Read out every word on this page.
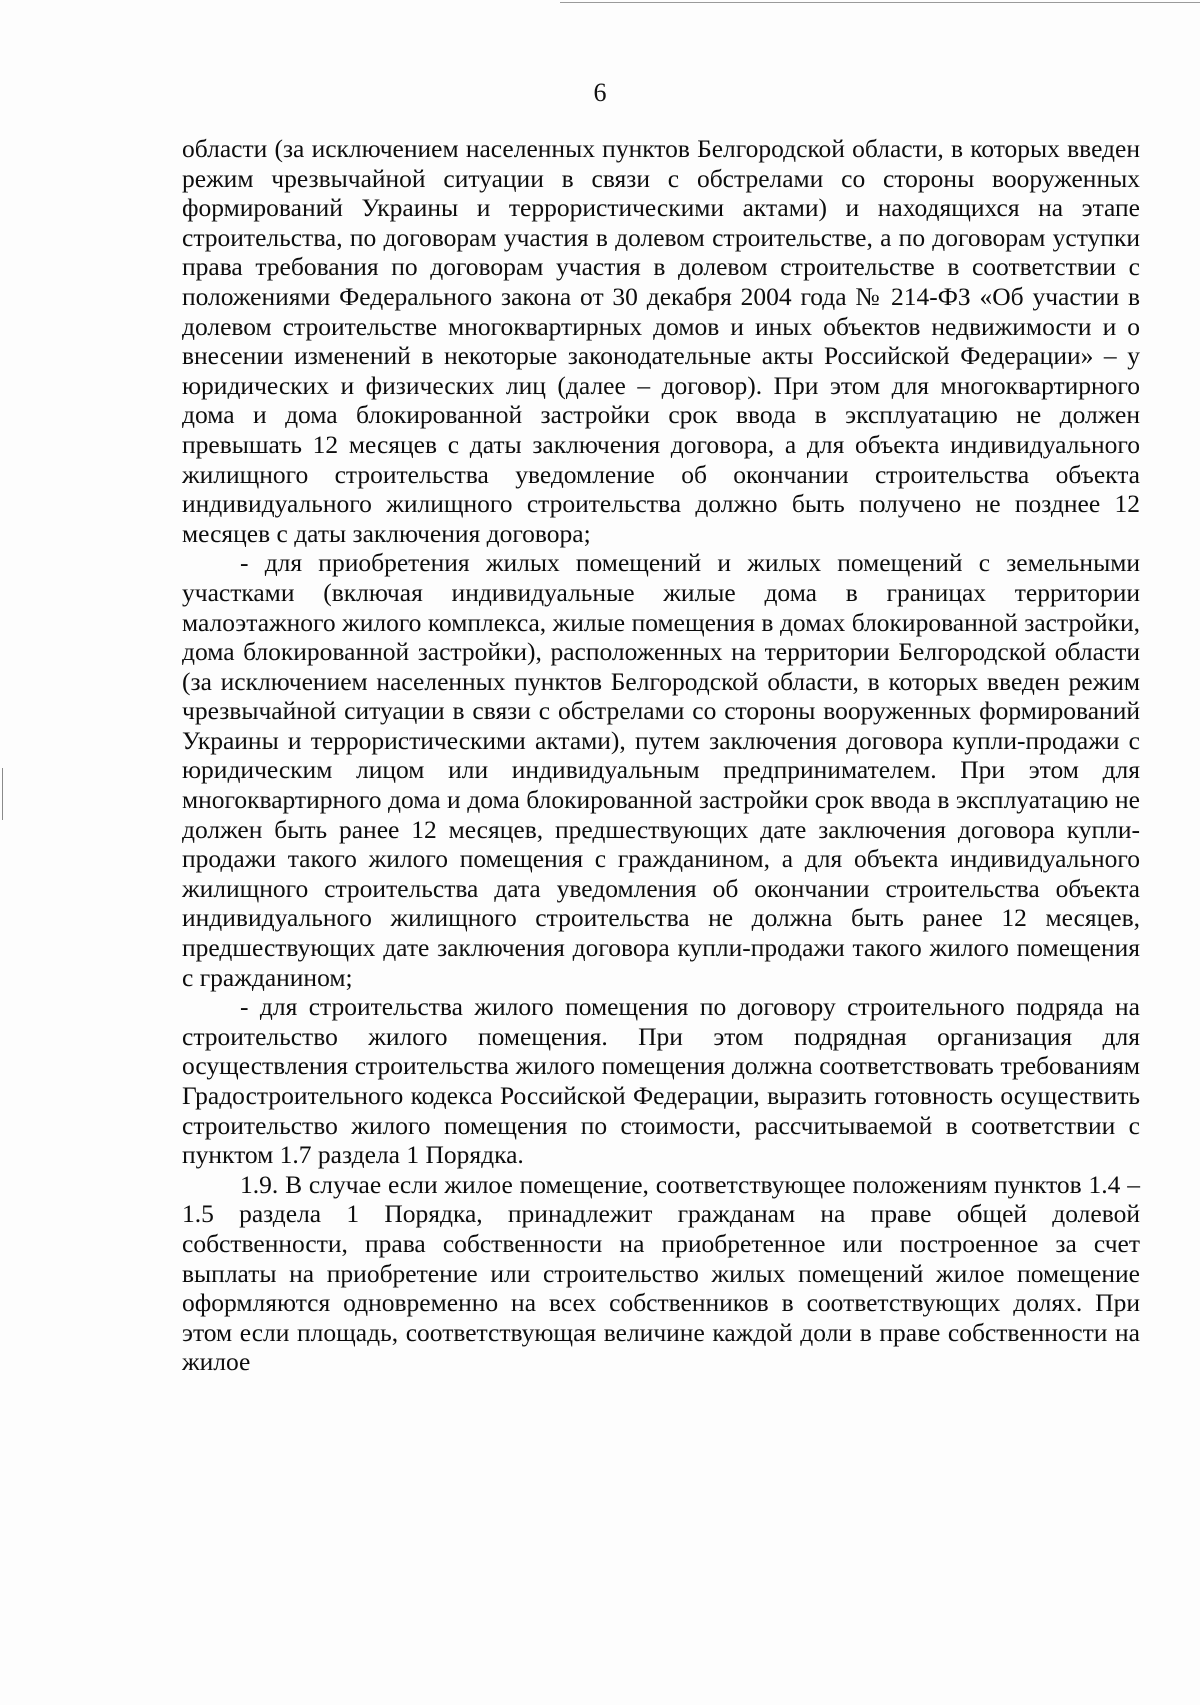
6

области (за исключением населенных пунктов Белгородской области, в которых введен режим чрезвычайной ситуации в связи с обстрелами со стороны вооруженных формирований Украины и террористическими актами) и находящихся на этапе строительства, по договорам участия в долевом строительстве, а по договорам уступки права требования по договорам участия в долевом строительстве в соответствии с положениями Федерального закона от 30 декабря 2004 года № 214-ФЗ «Об участии в долевом строительстве многоквартирных домов и иных объектов недвижимости и о внесении изменений в некоторые законодательные акты Российской Федерации» – у юридических и физических лиц (далее – договор). При этом для многоквартирного дома и дома блокированной застройки срок ввода в эксплуатацию не должен превышать 12 месяцев с даты заключения договора, а для объекта индивидуального жилищного строительства уведомление об окончании строительства объекта индивидуального жилищного строительства должно быть получено не позднее 12 месяцев с даты заключения договора;

- для приобретения жилых помещений и жилых помещений с земельными участками (включая индивидуальные жилые дома в границах территории малоэтажного жилого комплекса, жилые помещения в домах блокированной застройки, дома блокированной застройки), расположенных на территории Белгородской области (за исключением населенных пунктов Белгородской области, в которых введен режим чрезвычайной ситуации в связи с обстрелами со стороны вооруженных формирований Украины и террористическими актами), путем заключения договора купли-продажи с юридическим лицом или индивидуальным предпринимателем. При этом для многоквартирного дома и дома блокированной застройки срок ввода в эксплуатацию не должен быть ранее 12 месяцев, предшествующих дате заключения договора купли-продажи такого жилого помещения с гражданином, а для объекта индивидуального жилищного строительства дата уведомления об окончании строительства объекта индивидуального жилищного строительства не должна быть ранее 12 месяцев, предшествующих дате заключения договора купли-продажи такого жилого помещения с гражданином;

- для строительства жилого помещения по договору строительного подряда на строительство жилого помещения. При этом подрядная организация для осуществления строительства жилого помещения должна соответствовать требованиям Градостроительного кодекса Российской Федерации, выразить готовность осуществить строительство жилого помещения по стоимости, рассчитываемой в соответствии с пунктом 1.7 раздела 1 Порядка.

1.9. В случае если жилое помещение, соответствующее положениям пунктов 1.4 – 1.5 раздела 1 Порядка, принадлежит гражданам на праве общей долевой собственности, права собственности на приобретенное или построенное за счет выплаты на приобретение или строительство жилых помещений жилое помещение оформляются одновременно на всех собственников в соответствующих долях. При этом если площадь, соответствующая величине каждой доли в праве собственности на жилое
